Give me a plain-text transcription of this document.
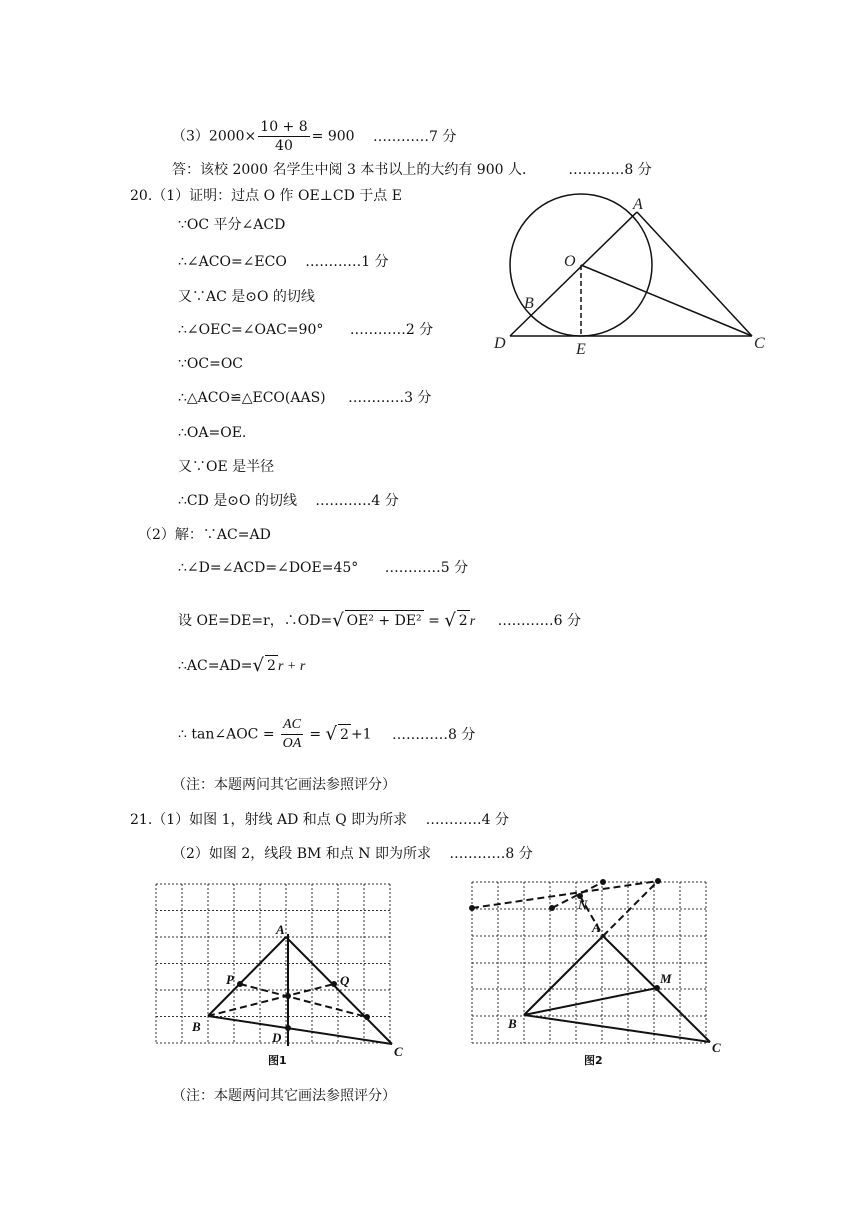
$(3)2000\times \frac{10 + 8}{40} = 900$ …………7 分
答：该校 2000 名学生中阅 3 本书以上的大约有 900 人． …………8 分
20.（1）证明：过点 O 作 OE⊥CD 于点 E
∵OC 平分∠ACD
∴∠ACO=∠ECO …………1 分
又∵AC 是⊙O 的切线
∴∠OEC=∠OAC=90° …………2 分
∵OC=OC
∴△ACO≌△ECO(AAS) …………3 分
∴OA=OE.
又∵OE 是半径
∴CD 是⊙O 的切线 …………4 分
A
O
B
D	E	C
（2）解：∵AC=AD
∴∠D=∠ACD=∠DOE=45° …………5 分
设 OE=DE=r，∴OD=√ OE² + DE² = √ 2 r …………6 分
∴AC=AD=√ 2 r + r
∴ tan∠AOC = $\frac{AC}{OA}$ = √ 2 +1 …………8 分
（注：本题两问其它画法参照评分）
21.（1）如图 1，射线 AD 和点 Q 即为所求 …………4 分
（2）如图 2，线段 BM 和点 N 即为所求 …………8 分
A
P	Q
B
D
C
图1
N
A
M
B
C
图2
（注：本题两问其它画法参照评分）
